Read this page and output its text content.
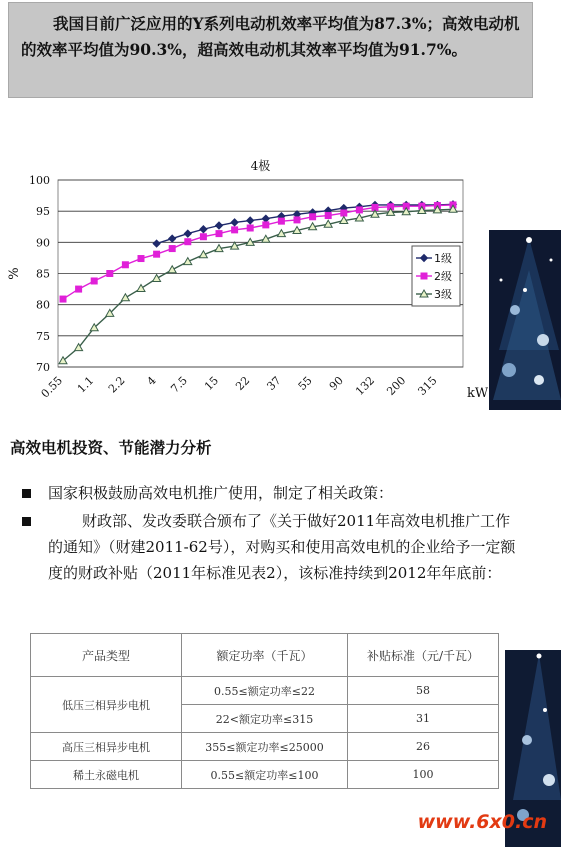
我国目前广泛应用的Y系列电动机效率平均值为87.3%；高效电动机的效率平均值为90.3%，超高效电动机其效率平均值为91.7%。
70
75
80
85
90
95
100
0.55 1.1 2.2 4 7.5 15 22 37 55 90 132 200 315
4极
%
kW
1级
2级
3级
高效电机投资、节能潜力分析
国家积极鼓励高效电机推广使用，制定了相关政策：
财政部、发改委联合颁布了《关于做好2011年高效电机推广工作的通知》（财建2011-62号），对购买和使用高效电机的企业给予一定额度的财政补贴（2011年标准见表2），该标准持续到2012年年底前：
产品类型	额定功率（千瓦）	补贴标准（元/千瓦）
低压三相异步电机	0.55≤额定功率≤22	58
	22<额定功率≤315	31
高压三相异步电机	355≤额定功率≤25000	26
稀土永磁电机	0.55≤额定功率≤100	100
www.6x0.cn
